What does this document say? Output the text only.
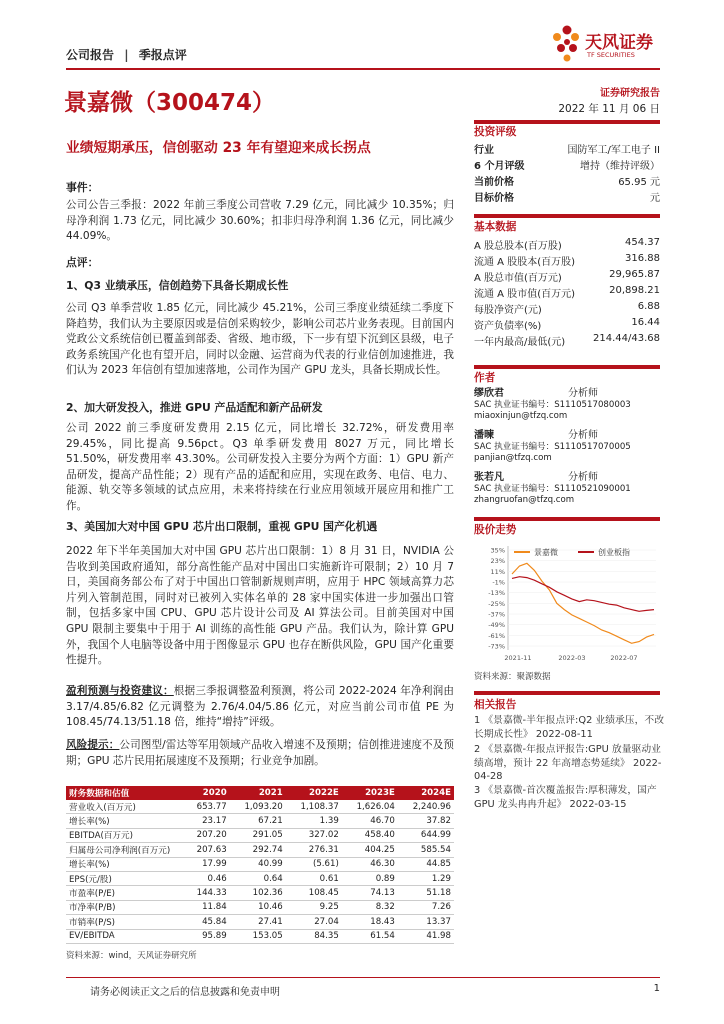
公司报告 | 季报点评
天风证券
TF SECURITIES
景嘉微（300474）	证券研究报告
2022 年 11 月 06 日
业绩短期承压，信创驱动 23 年有望迎来成长拐点
事件：
公司公告三季报：2022 年前三季度公司营收 7.29 亿元，同比减少 10.35%；归母净利润 1.73 亿元，同比减少 30.60%；扣非归母净利润 1.36 亿元，同比减少 44.09%。
点评：
1、Q3 业绩承压，信创趋势下具备长期成长性
公司 Q3 单季营收 1.85 亿元，同比减少 45.21%，公司三季度业绩延续二季度下降趋势，我们认为主要原因或是信创采购较少，影响公司芯片业务表现。目前国内党政公文系统信创已覆盖到部委、省级、地市级，下一步有望下沉到区县级，电子政务系统国产化也有望开启，同时以金融、运营商为代表的行业信创加速推进，我们认为 2023 年信创有望加速落地，公司作为国产 GPU 龙头，具备长期成长性。
2、加大研发投入，推进 GPU 产品适配和新产品研发
公司 2022 前三季度研发费用 2.15 亿元，同比增长 32.72%，研发费用率 29.45%，同比提高 9.56pct。Q3 单季研发费用 8027 万元，同比增长 51.50%，研发费用率 43.30%。公司研发投入主要分为两个方面：1）GPU 新产品研发，提高产品性能；2）现有产品的适配和应用，实现在政务、电信、电力、能源、轨交等多领域的试点应用，未来将持续在行业应用领域开展应用和推广工作。
3、美国加大对中国 GPU 芯片出口限制，重视 GPU 国产化机遇
2022 年下半年美国加大对中国 GPU 芯片出口限制：1）8 月 31 日，NVIDIA 公告收到美国政府通知，部分高性能产品对中国出口实施新许可限制；2）10 月 7 日，美国商务部公布了对于中国出口管制新规则声明，应用于 HPC 领域高算力芯片列入管制范围，同时对已被列入实体名单的 28 家中国实体进一步加强出口管制，包括多家中国 CPU、GPU 芯片设计公司及 AI 算法公司。目前美国对中国 GPU 限制主要集中于用于 AI 训练的高性能 GPU 产品。我们认为，除计算 GPU 外，我国个人电脑等设备中用于图像显示 GPU 也存在断供风险，GPU 国产化重要性提升。
盈利预测与投资建议：根据三季报调整盈利预测，将公司 2022-2024 年净利润由 3.17/4.85/6.82 亿元调整为 2.76/4.04/5.86 亿元，对应当前公司市值 PE 为 108.45/74.13/51.18 倍，维持“增持”评级。
风险提示：公司图型/雷达等军用领域产品收入增速不及预期；信创推进速度不及预期；GPU 芯片民用拓展速度不及预期；行业竞争加剧。
财务数据和估值	2020	2021	2022E	2023E	2024E
营业收入(百万元)	653.77	1,093.20	1,108.37	1,626.04	2,240.96
增长率(%)	23.17	67.21	1.39	46.70	37.82
EBITDA(百万元)	207.20	291.05	327.02	458.40	644.99
归属母公司净利润(百万元)	207.63	292.74	276.31	404.25	585.54
增长率(%)	17.99	40.99	(5.61)	46.30	44.85
EPS(元/股)	0.46	0.64	0.61	0.89	1.29
市盈率(P/E)	144.33	102.36	108.45	74.13	51.18
市净率(P/B)	11.84	10.46	9.25	8.32	7.26
市销率(P/S)	45.84	27.41	27.04	18.43	13.37
EV/EBITDA	95.89	153.05	84.35	61.54	41.98
资料来源：wind，天风证券研究所
投资评级
行业	国防军工/军工电子 II
6 个月评级	增持（维持评级）
当前价格	65.95 元
目标价格	元
基本数据
A 股总股本(百万股)	454.37
流通 A 股股本(百万股)	316.88
A 股总市值(百万元)	29,965.87
流通 A 股市值(百万元)	20,898.21
每股净资产(元)	6.88
资产负债率(%)	16.44
一年内最高/最低(元)	214.44/43.68
作者
缪欣君	分析师
SAC 执业证书编号：S1110517080003
miaoxinjun@tfzq.com
潘暕	分析师
SAC 执业证书编号：S1110517070005
panjian@tfzq.com
张若凡	分析师
SAC 执业证书编号：S1110521090001
zhangruofan@tfzq.com
股价走势
35%
23%
11%
-1%
-13%
-25%
-37%
-49%
-61%
-73%
2021-11	2022-03	2022-07
景嘉微	创业板指
资料来源：聚源数据
相关报告
1 《景嘉微-半年报点评:Q2 业绩承压，不改长期成长性》 2022-08-11
2 《景嘉微-年报点评报告:GPU 放量驱动业绩高增，预计 22 年高增态势延续》 2022-04-28
3 《景嘉微-首次覆盖报告:厚积薄发，国产 GPU 龙头冉冉升起》 2022-03-15
请务必阅读正文之后的信息披露和免责申明	1
